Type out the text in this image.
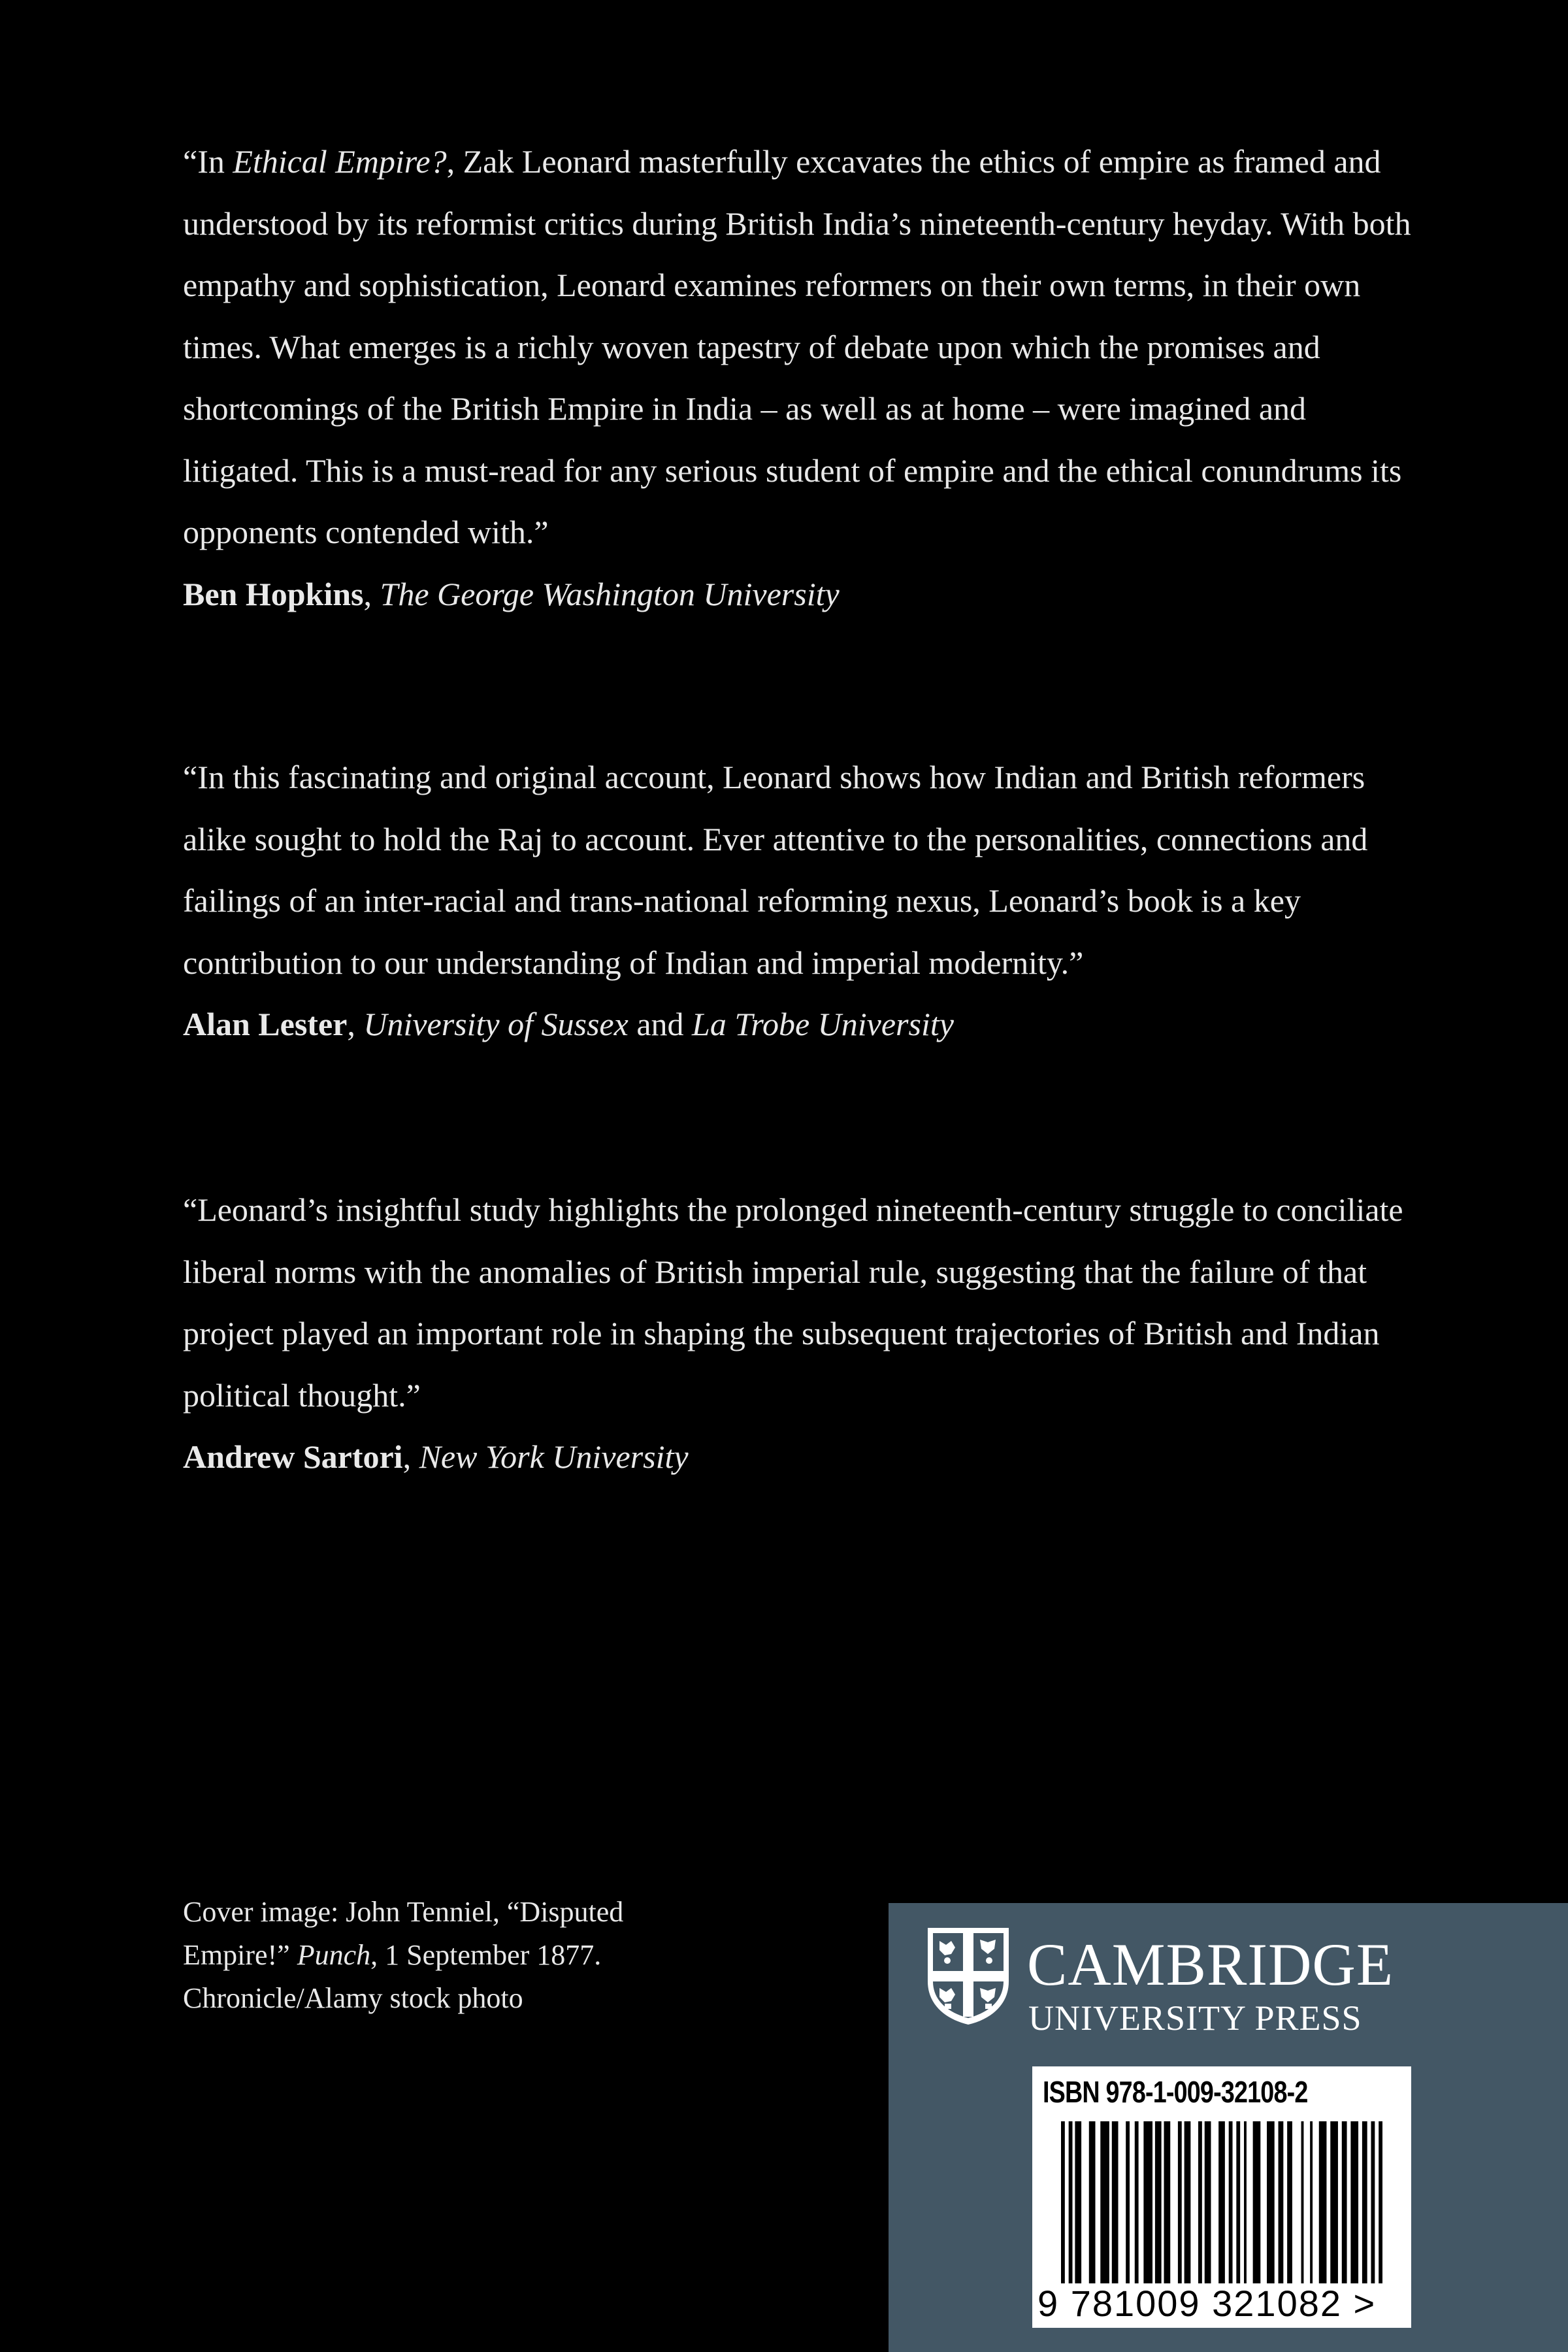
“In Ethical Empire?, Zak Leonard masterfully excavates the ethics of empire as framed and understood by its reformist critics during British India’s nineteenth-century heyday. With both empathy and sophistication, Leonard examines reformers on their own terms, in their own times. What emerges is a richly woven tapestry of debate upon which the promises and shortcomings of the British Empire in India – as well as at home – were imagined and litigated. This is a must-read for any serious student of empire and the ethical conundrums its opponents contended with.”

Ben Hopkins, The George Washington University

“In this fascinating and original account, Leonard shows how Indian and British reformers alike sought to hold the Raj to account. Ever attentive to the personalities, connections and failings of an inter-racial and trans-national reforming nexus, Leonard’s book is a key contribution to our understanding of Indian and imperial modernity.”

Alan Lester, University of Sussex and La Trobe University

“Leonard’s insightful study highlights the prolonged nineteenth-century struggle to conciliate liberal norms with the anomalies of British imperial rule, suggesting that the failure of that project played an important role in shaping the subsequent trajectories of British and Indian political thought.”

Andrew Sartori, New York University

Cover image: John Tenniel, “Disputed

Empire!” Punch, 1 September 1877.

Chronicle/Alamy stock photo

CAMBRIDGE
UNIVERSITY PRESS
ISBN 978-1-009-32108-2
9 781009 321082 >
